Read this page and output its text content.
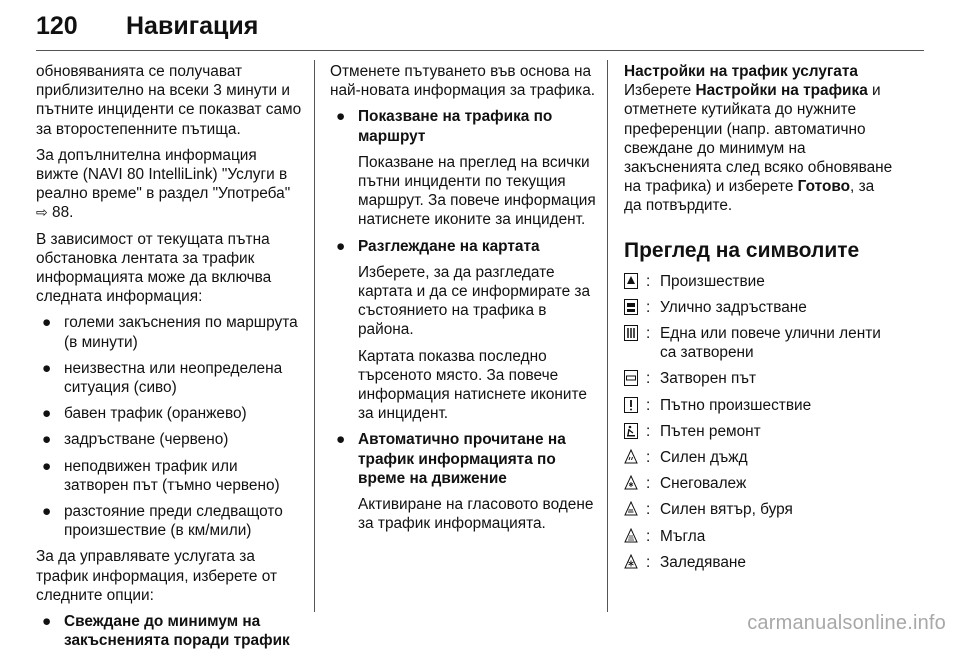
120 Навигация

обновяванията се получават приблизително на всеки 3 минути и пътните инциденти се показват само за второстепенните пътища.

За допълнителна информация вижте (NAVI 80 IntelliLink) "Услуги в реално време" в раздел "Употреба"
⇨ 88.

В зависимост от текущата пътна обстановка лентата за трафик информацията може да включва следната информация:

● големи закъснения по маршрута (в минути)
● неизвестна или неопределена ситуация (сиво)
● бавен трафик (оранжево)
● задръстване (червено)
● неподвижен трафик или затворен път (тъмно червено)
● разстояние преди следващото произшествие (в км/мили)

За да управлявате услугата за трафик информация, изберете от следните опции:

● Свеждане до минимум на закъсненията поради трафик

Отменете пътуването във основа на най-новата информация за трафика.

● Показване на трафика по маршрут

Показване на преглед на всички пътни инциденти по текущия маршрут. За повече информация натиснете иконите за инцидент.

● Разглеждане на картата

Изберете, за да разгледате картата и да се информирате за състоянието на трафика в района.

Картата показва последно търсеното място. За повече информация натиснете иконите за инцидент.

● Автоматично прочитане на трафик информацията по време на движение

Активиране на гласовото водене за трафик информацията.

Настройки на трафик услугата

Изберете Настройки на трафика и отметнете кутийката до нужните преференции (напр. автоматично свеждане до минимум на закъсненията след всяко обновяване на трафика) и изберете Готово, за да потвърдите.

Преглед на символите
: Произшествие
: Улично задръстване
: Една или повече улични ленти са затворени
: Затворен път
: Пътно произшествие
: Пътен ремонт
: Силен дъжд
: Снеговалеж
: Силен вятър, буря
: Мъгла
: Заледяване
carmanualsonline.info
